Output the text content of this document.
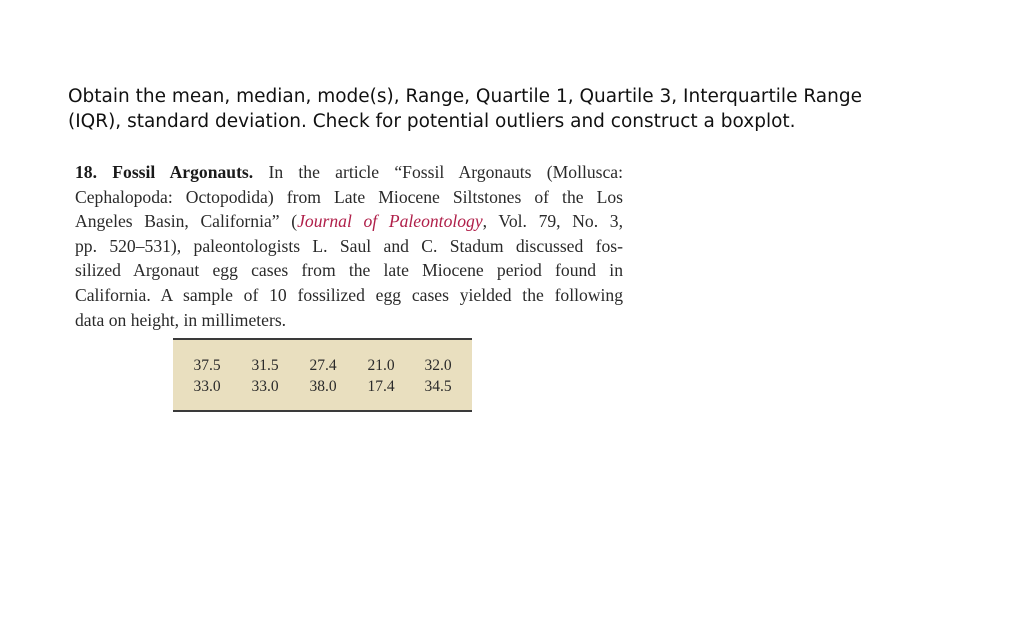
Obtain the mean, median, mode(s), Range, Quartile 1, Quartile 3, Interquartile Range
(IQR), standard deviation. Check for potential outliers and construct a boxplot.
18. Fossil Argonauts. In the article “Fossil Argonauts (Mollusca:
Cephalopoda: Octopodida) from Late Miocene Siltstones of the Los
Angeles Basin, California” (Journal of Paleontology, Vol. 79, No. 3,
pp. 520–531), paleontologists L. Saul and C. Stadum discussed fos-
silized Argonaut egg cases from the late Miocene period found in
California. A sample of 10 fossilized egg cases yielded the following
data on height, in millimeters.
37.5	31.5	27.4	21.0	32.0
33.0	33.0	38.0	17.4	34.5
